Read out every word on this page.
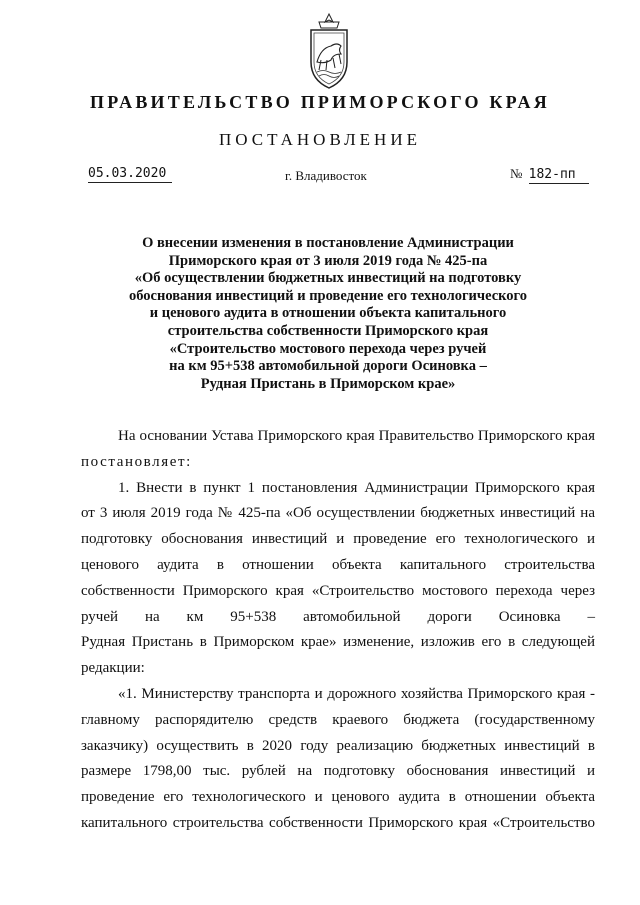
ПРАВИТЕЛЬСТВО ПРИМОРСКОГО КРАЯ
ПОСТАНОВЛЕНИЕ
05.03.2020	г. Владивосток	№ 182-пп
О внесении изменения в постановление Администрации
Приморского края от 3 июля 2019 года № 425-па
«Об осуществлении бюджетных инвестиций на подготовку
обоснования инвестиций и проведение его технологического
и ценового аудита в отношении объекта капитального
строительства собственности Приморского края
«Строительство мостового перехода через ручей
на км 95+538 автомобильной дороги Осиновка –
Рудная Пристань в Приморском крае»
На основании Устава Приморского края Правительство Приморского края
постановляет:
1. Внести в пункт 1 постановления Администрации Приморского края
от 3 июля 2019 года № 425-па «Об осуществлении бюджетных инвестиций на
подготовку обоснования инвестиций и проведение его технологического и
ценового аудита в отношении объекта капитального строительства
собственности Приморского края «Строительство мостового перехода через
ручей на км 95+538 автомобильной дороги Осиновка –
Рудная Пристань в Приморском крае» изменение, изложив его в следующей
редакции:
«1. Министерству транспорта и дорожного хозяйства Приморского края -
главному распорядителю средств краевого бюджета (государственному
заказчику) осуществить в 2020 году реализацию бюджетных инвестиций в
размере 1798,00 тыс. рублей на подготовку обоснования инвестиций и
проведение его технологического и ценового аудита в отношении объекта
капитального строительства собственности Приморского края «Строительство
